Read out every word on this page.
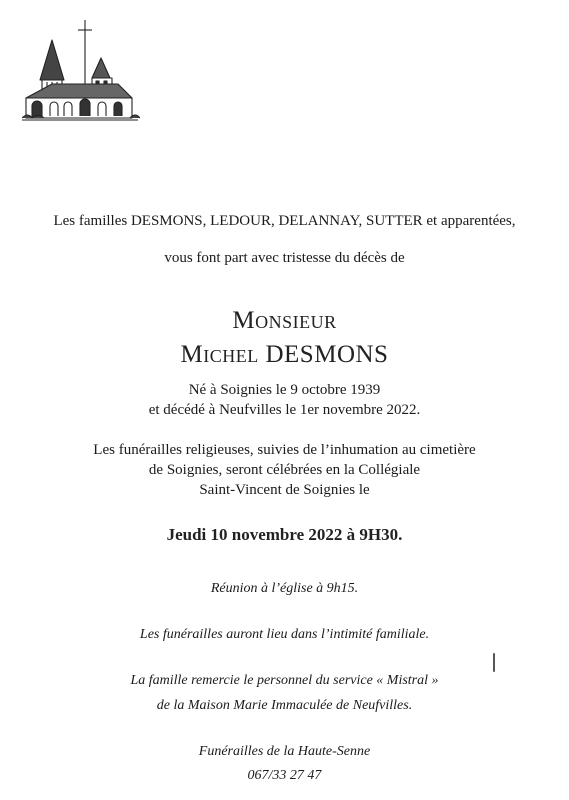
Les familles DESMONS, LEDOUR, DELANNAY, SUTTER et apparentées,
vous font part avec tristesse du décès de
Monsieur
Michel DESMONS
Né à Soignies le 9 octobre 1939
et décédé à Neufvilles le 1er novembre 2022.
Les funérailles religieuses, suivies de l’inhumation au cimetière
de Soignies, seront célébrées en la Collégiale
Saint-Vincent de Soignies le
Jeudi 10 novembre 2022 à 9H30.
Réunion à l’église à 9h15.
Les funérailles auront lieu dans l’intimité familiale.
La famille remercie le personnel du service « Mistral »
de la Maison Marie Immaculée de Neufvilles.
Funérailles de la Haute-Senne
067/33 27 47
